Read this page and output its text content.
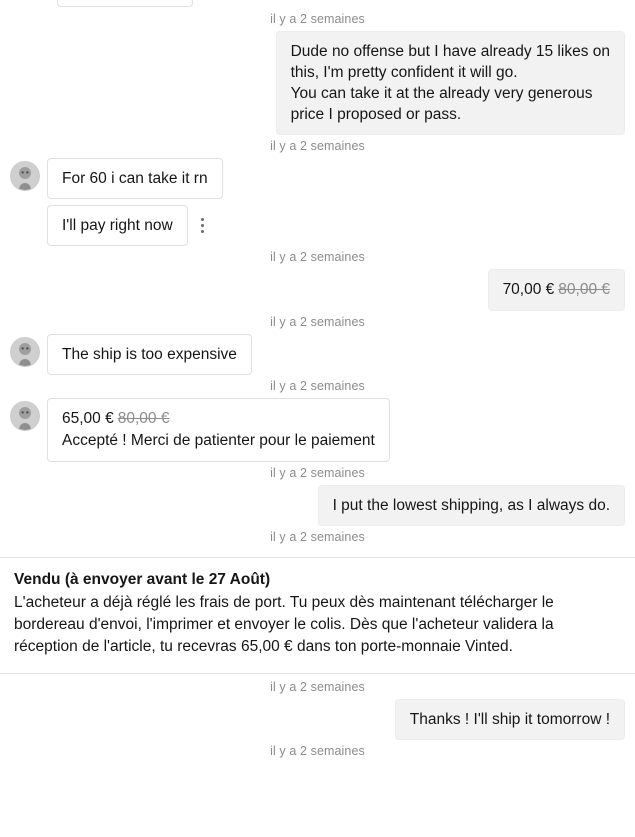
il y a 2 semaines

Dude no offense but I have already 15 likes on

this, I'm pretty confident it will go.

You can take it at the already very generous

price I proposed or pass.

il y a 2 semaines

For 60 i can take it rn

I'll pay right now

il y a 2 semaines
70,00 € 80,00 €
il y a 2 semaines

The ship is too expensive

il y a 2 semaines
65,00 € 80,00 €
Accepté ! Merci de patienter pour le paiement
il y a 2 semaines

I put the lowest shipping, as I always do.

il y a 2 semaines
Vendu (à envoyer avant le 27 Août)
L'acheteur a déjà réglé les frais de port. Tu peux dès maintenant télécharger le bordereau d'envoi, l'imprimer et envoyer le colis. Dès que l'acheteur validera la réception de l'article, tu recevras 65,00 € dans ton porte-monnaie Vinted.
il y a 2 semaines

Thanks ! I'll ship it tomorrow !

il y a 2 semaines
